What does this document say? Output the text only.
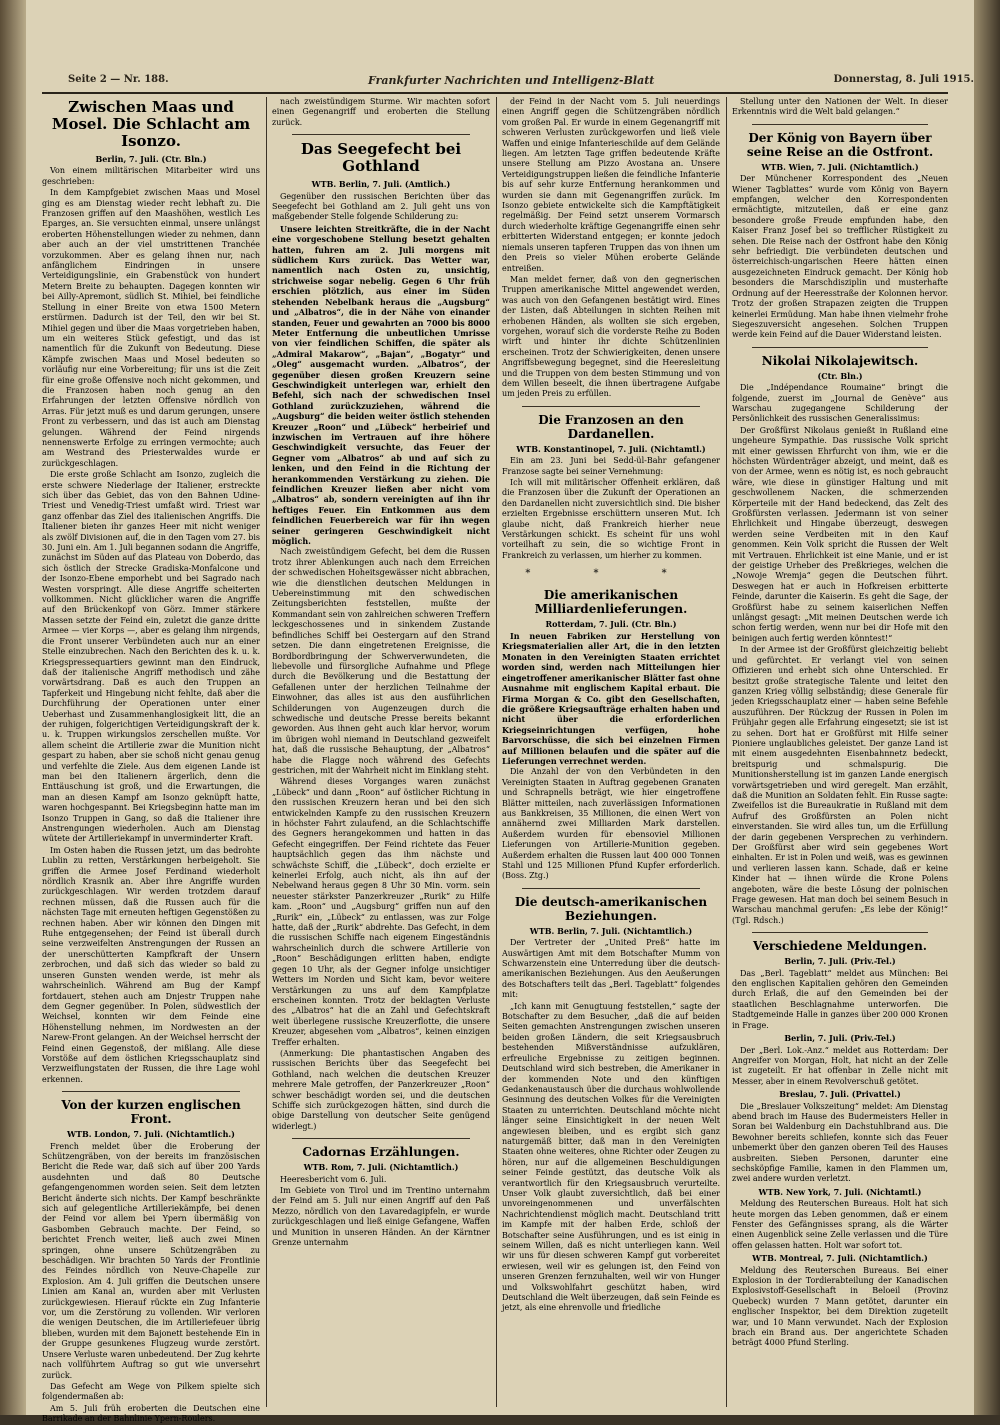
Seite 2 — Nr. 188.	Frankfurter Nachrichten und Intelligenz-Blatt	Donnerstag, 8. Juli 1915.
Zwischen Maas und Mosel. Die Schlacht am Isonzo.
Berlin, 7. Juli. (Ctr. Bln.)

Von einem militärischen Mitarbeiter wird uns geschrieben:

In dem Kampfgebiet zwischen Maas und Mosel ging es am Dienstag wieder recht lebhaft zu. Die Franzosen griffen auf den Maashöhen, westlich Les Eparges, an. Sie versuchten einmal, unsere unlängst eroberten Höhenstellungen wieder zu nehmen, dann aber auch an der viel umstrittenen Tranchée vorzukommen. Aber es gelang ihnen nur, nach anfänglichem Eindringen in unsere Verteidigungslinie, ein Grabenstück von hundert Metern Breite zu behaupten. Dagegen konnten wir bei Ailly-Apremont, südlich St. Mihiel, bei feindliche Stellung in einer Breite von etwa 1500 Metern erstürmen. Dadurch ist der Teil, den wir bei St. Mihiel gegen und über die Maas vorgetrieben haben, um ein weiteres Stück gefestigt, und das ist namentlich für die Zukunft von Bedeutung. Diese Kämpfe zwischen Maas und Mosel bedeuten so vorläufig nur eine Vorbereitung; für uns ist die Zeit für eine große Offensive noch nicht gekommen, und die Franzosen haben noch genug an den Erfahrungen der letzten Offensive nördlich von Arras. Für jetzt muß es und darum gerungen, unsere Front zu verbessern, und das ist auch am Dienstag gelungen. Während der Feind nirgends nennenswerte Erfolge zu erringen vermochte; auch am Westrand des Priesterwaldes wurde er zurückgeschlagen.

Die erste große Schlacht am Isonzo, zugleich die erste schwere Niederlage der Italiener, erstreckte sich über das Gebiet, das von den Bahnen Udine-Triest und Venedig-Triest umfaßt wird. Triest war ganz offenbar das Ziel des italienischen Angriffs. Die Italiener bieten ihr ganzes Heer mit nicht weniger als zwölf Divisionen auf, die in den Tagen vom 27. bis 30. Juni ein. Am 1. Juli begannen sodann die Angriffe, zunächst im Süden auf das Plateau von Doberdo, das sich östlich der Strecke Gradiska-Monfalcone und der Isonzo-Ebene emporhebt und bei Sagrado nach Westen vorspringt. Alle diese Angriffe scheiterten vollkommen. Nicht glücklicher waren die Angriffe auf den Brückenkopf von Görz. Immer stärkere Massen setzte der Feind ein, zuletzt die ganze dritte Armee — vier Korps —, aber es gelang ihm nirgends, die Front unserer Verbündeten auch nur an einer Stelle einzubrechen. Nach den Berichten des k. u. k. Kriegspressequartiers gewinnt man den Eindruck, daß der italienische Angriff methodisch und zähe vorwärtsdrang. Daß es auch den Truppen an Tapferkeit und Hingebung nicht fehlte, daß aber die Durchführung der Operationen unter einer Ueberhast und Zusammenhanglosigkeit litt, die an der ruhigen, folgerichtigen Verteidigungskraft der k. u. k. Truppen wirkungslos zerschellen mußte. Vor allem scheint die Artillerie zwar die Munition nicht gespart zu haben, aber sie schoß nicht genau genug und verfehlte die Ziele. Aus dem eigenen Lande ist man bei den Italienern ärgerlich, denn die Enttäuschung ist groß, und die Erwartungen, die man an diesen Kampf am Isonzo geknüpft hatte, waren hochgespannt. Bei Kriegsbeginn hatte man im Isonzo Truppen in Gang, so daß die Italiener ihre Anstrengungen wiederholen. Auch am Dienstag wütete der Artilleriekampf in unverminderter Kraft.

Im Osten haben die Russen jetzt, um das bedrohte Lublin zu retten, Verstärkungen herbeigeholt. Sie griffen die Armee Josef Ferdinand wiederholt nördlich Krasnik an. Aber ihre Angriffe wurden zurückgeschlagen. Wir werden trotzdem darauf rechnen müssen, daß die Russen auch für die nächsten Tage mit erneuten heftigen Gegenstößen zu rechnen haben. Aber wir können den Dingen mit Ruhe entgegensehen; der Feind ist überall durch seine verzweifelten Anstrengungen der Russen an der unerschütterten Kampfkraft der Unsern zerbrochen, und daß sich das wieder so bald zu unseren Gunsten wenden werde, ist mehr als wahrscheinlich. Während am Bug der Kampf fortdauert, stehen auch am Dnjestr Truppen nahe dem Gegner gegenüber. In Polen, südwestlich der Weichsel, konnten wir dem Feinde eine Höhenstellung nehmen, im Nordwesten an der Narew-Front gelangen. An der Weichsel herrscht der Feind einen Gegenstoß, der mißlang. Alle diese Vorstöße auf dem östlichen Kriegsschauplatz sind Verzweiflungstaten der Russen, die ihre Lage wohl erkennen.

Von der kurzen englischen Front.
WTB. London, 7. Juli. (Nichtamtlich.)

French meldet über die Eroberung der Schützengräben, von der bereits im französischen Bericht die Rede war, daß sich auf über 200 Yards ausdehnten und daß 80 Deutsche gefangengenommen worden seien. Seit dem letzten Bericht änderte sich nichts. Der Kampf beschränkte sich auf gelegentliche Artilleriekämpfe, bei denen der Feind vor allem bei Ypern übermäßig von Gasbomben Gebrauch machte. Der Feind, so berichtet French weiter, ließ auch zwei Minen springen, ohne unsere Schützengräben zu beschädigen. Wir brachten 50 Yards der Frontlinie des Feindes nördlich von Neuve-Chapelle zur Explosion. Am 4. Juli griffen die Deutschen unsere Linien am Kanal an, wurden aber mit Verlusten zurückgewiesen. Hierauf rückte ein Zug Infanterie vor, um die Zerstörung zu vollenden. Wir verloren die wenigen Deutschen, die im Artilleriefeuer übrig blieben, wurden mit dem Bajonett bestehende Ein in der Gruppe gesunkenes Flugzeug wurde zerstört. Unsere Verluste waren unbedeutend. Der Zug kehrte nach vollführtem Auftrag so gut wie unversehrt zurück.

Das Gefecht am Wege von Pilkem spielte sich folgendermaßen ab:

Am 5. Juli früh eroberten die Deutschen eine Barrikade an der Bahnlinie Ypern-Roulers.

nach zweistündigem Sturme. Wir machten sofort einen Gegenangriff und eroberten die Stellung zurück.

Das Seegefecht bei Gothland
WTB. Berlin, 7. Juli. (Amtlich.)

Gegenüber den russischen Berichten über das Seegefecht bei Gothland am 2. Juli geht uns von maßgebender Stelle folgende Schilderung zu:

Unsere leichten Streitkräfte, die in der Nacht eine vorgeschobene Stellung besetzt gehalten hatten, fuhren am 2. Juli morgens mit südlichem Kurs zurück. Das Wetter war, namentlich nach Osten zu, unsichtig, strichweise sogar nebelig. Gegen 6 Uhr früh erschien plötzlich, aus einer im Süden stehenden Nebelbank heraus die „Augsburg“ und „Albatros“, die in der Nähe von einander standen, Feuer und gewahrten an 7000 bis 8000 Meter Entfernung die unbeutlichen Umrisse von vier feindlichen Schiffen, die später als „Admiral Makarow“, „Bajan“, „Bogatyr“ und „Oleg“ ausgemacht wurden. „Albatros“, der gegenüber diesen großen Kreuzern seine Geschwindigkeit unterlegen war, erhielt den Befehl, sich nach der schwedischen Insel Gothland zurückzuziehen, während die „Augsburg“ die beiden weiter östlich stehenden Kreuzer „Roon“ und „Lübeck“ herbeirief und inzwischen im Vertrauen auf ihre höhere Geschwindigkeit versuchte, das Feuer der Gegner vom „Albatros“ ab und auf sich zu lenken, und den Feind in die Richtung der herankommenden Verstärkung zu ziehen. Die feindlichen Kreuzer ließen aber nicht vom „Albatros“ ab, sondern vereinigten auf ihn ihr heftiges Feuer. Ein Entkommen aus dem feindlichen Feuerbereich war für ihn wegen seiner geringeren Geschwindigkeit nicht möglich.

Nach zweistündigem Gefecht, bei dem die Russen trotz ihrer Ablenkungen auch nach dem Erreichen der schwedischen Hoheitsgewässer nicht abbrachen, wie die dienstlichen deutschen Meldungen in Uebereinstimmung mit den schwedischen Zeitungsberichten feststellen, mußte der Kommandant sein von zahlreichen schweren Treffern leckgeschossenes und in sinkendem Zustande befindliches Schiff bei Oestergarn auf den Strand setzen. Die dann eingetretenen Ereignisse, die Bordbordbringung der Schwerverwundeten, die liebevolle und fürsorgliche Aufnahme und Pflege durch die Bevölkerung und die Bestattung der Gefallenen unter der herzlichen Teilnahme der Einwohner, das alles ist aus den ausführlichen Schilderungen von Augenzeugen durch die schwedische und deutsche Presse bereits bekannt geworden. Aus ihnen geht auch klar hervor, worum im übrigen wohl niemand in Deutschland gezweifelt hat, daß die russische Behauptung, der „Albatros“ habe die Flagge noch während des Gefechts gestrichen, mit der Wahrheit nicht im Einklang steht.

Während dieses Vorganges waren zunächst „Lübeck“ und dann „Roon“ auf östlicher Richtung in den russischen Kreuzern heran und bei den sich entwickelnden Kampfe zu den russischen Kreuzern in höchster Fahrt zulaufend, an die Schlachtschiffe des Gegners herangekommen und hatten in das Gefecht eingegriffen. Der Feind richtete das Feuer hauptsächlich gegen das ihm nächste und schwächste Schiff, die „Lübeck“, doch erzielte er keinerlei Erfolg, auch nicht, als ihn auf der Nebelwand heraus gegen 8 Uhr 30 Min. vorm. sein neuester stärkster Panzerkreuzer „Rurik“ zu Hilfe kam. „Roon“ und „Augsburg“ griffen nun auf den „Rurik“ ein, „Lübeck“ zu entlassen, was zur Folge hatte, daß der „Rurik“ abdrehte. Das Gefecht, in dem die russischen Schiffe nach eigenem Eingeständnis wahrscheinlich durch die schwere Artillerie von „Roon“ Beschädigungen erlitten haben, endigte gegen 10 Uhr, als der Gegner infolge unsichtiger Wetters im Norden und Sicht kam, bevor weitere Verstärkungen zu uns auf dem Kampfplatze erscheinen konnten. Trotz der beklagten Verluste des „Albatros“ hat die an Zahl und Gefechtskraft weit überlegene russische Kreuzerflotte, die unsere Kreuzer, abgesehen vom „Albatros“, keinen einzigen Treffer erhalten.

(Anmerkung: Die phantastischen Angaben des russischen Berichts über das Seegefecht bei Gothland, nach welchen die deutschen Kreuzer mehrere Male getroffen, der Panzerkreuzer „Roon“ schwer beschädigt worden sei, und die deutschen Schiffe sich zurückgezogen hätten, sind durch die obige Darstellung von deutscher Seite genügend widerlegt.)

Cadornas Erzählungen.
WTB. Rom, 7. Juli. (Nichtamtlich.)

Heeresbericht vom 6. Juli.

Im Gebiete von Tirol und im Trentino unternahm der Feind am 5. Juli nur einen Angriff auf den Paß Mezzo, nördlich von den Lavaredagipfeln, er wurde zurückgeschlagen und ließ einige Gefangene, Waffen und Munition in unseren Händen. An der Kärntner Grenze unternahm

der Feind in der Nacht vom 5. Juli neuerdings einen Angriff gegen die Schützengräben nördlich vom großen Pal. Er wurde in einem Gegenangriff mit schweren Verlusten zurückgeworfen und ließ viele Waffen und einige Infanterieschilde auf dem Gelände liegen. Am letzten Tage griffen bedeutende Kräfte unsere Stellung am Pizzo Avostana an. Unsere Verteidigungstruppen ließen die feindliche Infanterie bis auf sehr kurze Entfernung herankommen und wurden sie dann mit Gegenangriffen zurück. Im Isonzo gebiete entwickelte sich die Kampftätigkeit regelmäßig. Der Feind setzt unserem Vormarsch durch wiederholte kräftige Gegenangriffe einen sehr erbitterten Widerstand entgegen; er konnte jedoch niemals unseren tapferen Truppen das von ihnen um den Preis so vieler Mühen eroberte Gelände entreißen.

Man meldet ferner, daß von den gegnerischen Truppen amerikanische Mittel angewendet werden, was auch von den Gefangenen bestätigt wird. Eines der Listen, daß Abteilungen in sichten Reihen mit erhobenen Händen, als wollten sie sich ergeben, vorgehen, worauf sich die vorderste Reihe zu Boden wirft und hinter ihr dichte Schützenlinien erscheinen. Trotz der Schwierigkeiten, denen unsere Angriffsbewegung begegnet, sind die Heeresleitung und die Truppen von dem besten Stimmung und von dem Willen beseelt, die ihnen übertragene Aufgabe um jeden Preis zu erfüllen.

Die Franzosen an den Dardanellen.
WTB. Konstantinopel, 7. Juli. (Nichtamtl.)

Ein am 23. Juni bei Sedd-ül-Bahr gefangener Franzose sagte bei seiner Vernehmung:

Ich will mit militärischer Offenheit erklären, daß die Franzosen über die Zukunft der Operationen an den Dardanellen nicht zuversichtlich sind. Die bisher erzielten Ergebnisse erschüttern unseren Mut. Ich glaube nicht, daß Frankreich hierher neue Verstärkungen schickt. Es scheint für uns wohl vorteilhaft zu sein, die so wichtige Front in Frankreich zu verlassen, um hierher zu kommen.

* * *
Die amerikanischen Milliardenlieferungen.
Rotterdam, 7. Juli. (Ctr. Bln.)

In neuen Fabriken zur Herstellung von Kriegsmaterialien aller Art, die in den letzten Monaten in den Vereinigten Staaten errichtet worden sind, werden nach Mitteilungen hier eingetroffener amerikanischer Blätter fast ohne Ausnahme mit englischem Kapital erbaut. Die Firma Morgan & Co. gibt den Gesellschaften, die größere Kriegsaufträge erhalten haben und nicht über die erforderlichen Kriegseinrichtungen verfügen, hohe Barvorschüsse, die sich bei einzelnen Firmen auf Millionen belaufen und die später auf die Lieferungen verrechnet werden.

Die Anzahl der von den Verbündeten in den Vereinigten Staaten in Auftrag gegebenen Granaten und Schrapnells beträgt, wie hier eingetroffene Blätter mitteilen, nach zuverlässigen Informationen aus Bankkreisen, 35 Millionen, die einen Wert von annähernd zwei Milliarden Mark darstellen. Außerdem wurden für ebensoviel Millionen Lieferungen von Artillerie-Munition gegeben. Außerdem erhalten die Russen laut 400 000 Tonnen Stahl und 125 Millionen Pfund Kupfer erforderlich. (Boss. Ztg.)

Die deutsch-amerikanischen Beziehungen.
WTB. Berlin, 7. Juli. (Nichtamtlich.)

Der Vertreter der „United Preß“ hatte im Auswärtigen Amt mit dem Botschafter Mumm von Schwarzenstein eine Unterredung über die deutsch-amerikanischen Beziehungen. Aus den Aeußerungen des Botschafters teilt das „Berl. Tageblatt“ folgendes mit:

„Ich kann mit Genugtuung feststellen,“ sagte der Botschafter zu dem Besucher, „daß die auf beiden Seiten gemachten Anstrengungen zwischen unseren beiden großen Ländern, die seit Kriegsausbruch bestehenden Mißverständnisse aufzuklären, erfreuliche Ergebnisse zu zeitigen beginnen. Deutschland wird sich bestreben, die Amerikaner in der kommenden Note und den künftigen Gedankenaustausch über die durchaus wohlwollende Gesinnung des deutschen Volkes für die Vereinigten Staaten zu unterrichten. Deutschland möchte nicht länger seine Einsichtigkeit in der neuen Welt angewiesen bleiben, und es ergibt sich ganz naturgemäß bitter, daß man in den Vereinigten Staaten ohne weiteres, ohne Richter oder Zeugen zu hören, nur auf die allgemeinen Beschuldigungen seiner Feinde gestützt, das deutsche Volk als verantwortlich für den Kriegsausbruch verurteilte. Unser Volk glaubt zuversichtlich, daß bei einer unvoreingenommenen und unverfälschten Nachrichtendienst möglich macht. Deutschland tritt im Kampfe mit der halben Erde, schloß der Botschafter seine Ausführungen, und es ist einig in seinem Willen, daß es nicht unterliegen kann. Weil wir uns für diesen schweren Kampf gut vorbereitet erwiesen, weil wir es gelungen ist, den Feind von unseren Grenzen fernzuhalten, weil wir von Hunger und Volkswohlfahrt geschützt haben, wird Deutschland die Welt überzeugen, daß sein Feinde es jetzt, als eine ehrenvolle und friedliche

Stellung unter den Nationen der Welt. In dieser Erkenntnis wird die Welt bald gelangen.“

Der König von Bayern über seine Reise an die Ostfront.
WTB. Wien, 7. Juli. (Nichtamtlich.)

Der Münchener Korrespondent des „Neuen Wiener Tagblattes“ wurde vom König von Bayern empfangen, welcher den Korrespondenten ermächtigte, mitzuteilen, daß er eine ganz besondere große Freude empfunden habe, den Kaiser Franz Josef bei so trefflicher Rüstigkeit zu sehen. Die Reise nach der Ostfront habe den König sehr befriedigt. Die verbündeten deutschen und österreichisch-ungarischen Heere hätten einen ausgezeichneten Eindruck gemacht. Der König hob besonders die Marschdisziplin und musterhafte Ordnung auf der Heeresstraße der Kolonnen hervor. Trotz der großen Strapazen zeigten die Truppen keinerlei Ermüdung. Man habe ihnen vielmehr frohe Siegeszuversicht angesehen. Solchen Truppen werde kein Feind auf die Dauer Widerstand leisten.

Nikolai Nikolajewitsch.
(Ctr. Bln.)

Die „Indépendance Roumaine“ bringt die folgende, zuerst im „Journal de Genève“ aus Warschau zugegangene Schilderung der Persönlichkeit des russischen Generalissimus:

Der Großfürst Nikolaus genießt in Rußland eine ungeheure Sympathie. Das russische Volk spricht mit einer gewissen Ehrfurcht von ihm, wie er die höchsten Würdenträger abzeigt, und meint, daß es von der Armee, wenn es nötig ist, es noch gebraucht wäre, wie diese in günstiger Haltung und mit geschwollenem Nacken, die schmerzenden Körperteile mit der Hand bedeckend, das Zelt des Großfürsten verlassen. Jedermann ist von seiner Ehrlichkeit und Hingabe überzeugt, deswegen werden seine Verdbeiten mit in den Kauf genommen. Kein Volk spricht die Russen der Welt mit Vertrauen. Ehrlichkeit ist eine Manie, und er ist der geistige Urheber des Preßkrieges, welchen die „Nowoje Wremja“ gegen die Deutschen führt. Deswegen hat er auch in Hofkreisen erbitterte Feinde, darunter die Kaiserin. Es geht die Sage, der Großfürst habe zu seinem kaiserlichen Neffen unlängst gesagt: „Mit meinen Deutschen werde ich schon fertig werden, wenn nur bei dir Hofe mit den beinigen auch fertig werden könntest!“

In der Armee ist der Großfürst gleichzeitig beliebt und gefürchtet. Er verlangt viel von seinen Offizieren und erhebt sich ohne Unterschied. Er besitzt große strategische Talente und leitet den ganzen Krieg völlig selbständig; diese Generale für jeden Kriegsschauplatz einer — haben seine Befehle auszuführen. Der Rückzug der Russen in Polen im Frühjahr gegen alle Erfahrung eingesetzt; sie ist ist zu sehen. Dort hat er Großfürst mit Hilfe seiner Pioniere unglaubliches geleistet. Der ganze Land ist mit einem ausgedehnten Eisenbahnnetz bedeckt, breitspurig und schmalspurig. Die Munitionsherstellung ist im ganzen Lande energisch vorwärtsgetrieben und wird geregelt. Man erzählt, daß die Munition an Soldaten fehlt. Ein Russe sagte: Zweifellos ist die Bureaukratie in Rußland mit dem Aufruf des Großfürsten an Polen nicht einverstanden. Sie wird alles tun, um die Erfüllung der darin gegebenen Versprechen zu verhindern. Der Großfürst aber wird sein gegebenes Wort einhalten. Er ist in Polen und weiß, was es gewinnen und verlieren lassen kann. Schade, daß er keine Kinder hat — ihnen würde die Krone Polens angeboten, wäre die beste Lösung der polnischen Frage gewesen. Hat man doch bei seinem Besuch in Warschau manchmal gerufen: „Es lebe der König!“ (Tgl. Rdsch.)

Verschiedene Meldungen.
Berlin, 7. Juli. (Priv.-Tel.)

Das „Berl. Tageblatt“ meldet aus München: Bei den englischen Kapitalien gehören den Gemeinden durch Erlaß, die auf den Gemeinden bei der staatlichen Beschlagnahme unterworfen. Die Stadtgemeinde Halle in ganzes über 200 000 Kronen in Frage.

Berlin, 7. Juli. (Priv.-Tel.)

Der „Berl. Lok.-Anz.“ meldet aus Rotterdam: Der Angreifer von Morgan, Holt, hat nicht an der Zelle ist zugeteilt. Er hat offenbar in Zelle nicht mit Messer, aber in einem Revolverschuß getötet.

Breslau, 7. Juli. (Privattel.)

Die „Breslauer Volkszeitung“ meldet: Am Dienstag abend brach im Hause des Budermeisters Heller in Soran bei Waldenburg ein Dachstuhlbrand aus. Die Bewohner bereits schliefen, konnte sich das Feuer unbemerkt über den ganzen oberen Teil des Hauses ausbreiten. Sieben Personen, darunter eine sechsköpfige Familie, kamen in den Flammen um, zwei andere wurden verletzt.

WTB. New York, 7. Juli. (Nichtamtl.)

Meldung des Reuterschen Bureaus. Holt hat sich heute morgen das Leben genommen, daß er einem Fenster des Gefängnisses sprang, als die Wärter einen Augenblick seine Zelle verlassen und die Türe offen gelassen hatten. Holt war sofort tot.

WTB. Montreal, 7. Juli. (Nichtamtlich.)

Meldung des Reuterschen Bureaus. Bei einer Explosion in der Tordierabteilung der Kanadischen Explosivstoff-Gesellschaft in Beloeil (Provinz Quebeck) wurden 7 Mann getötet, darunter ein englischer Inspektor, bei dem Direktion zugeteilt war, und 10 Mann verwundet. Nach der Explosion brach ein Brand aus. Der angerichtete Schaden beträgt 4000 Pfund Sterling.
